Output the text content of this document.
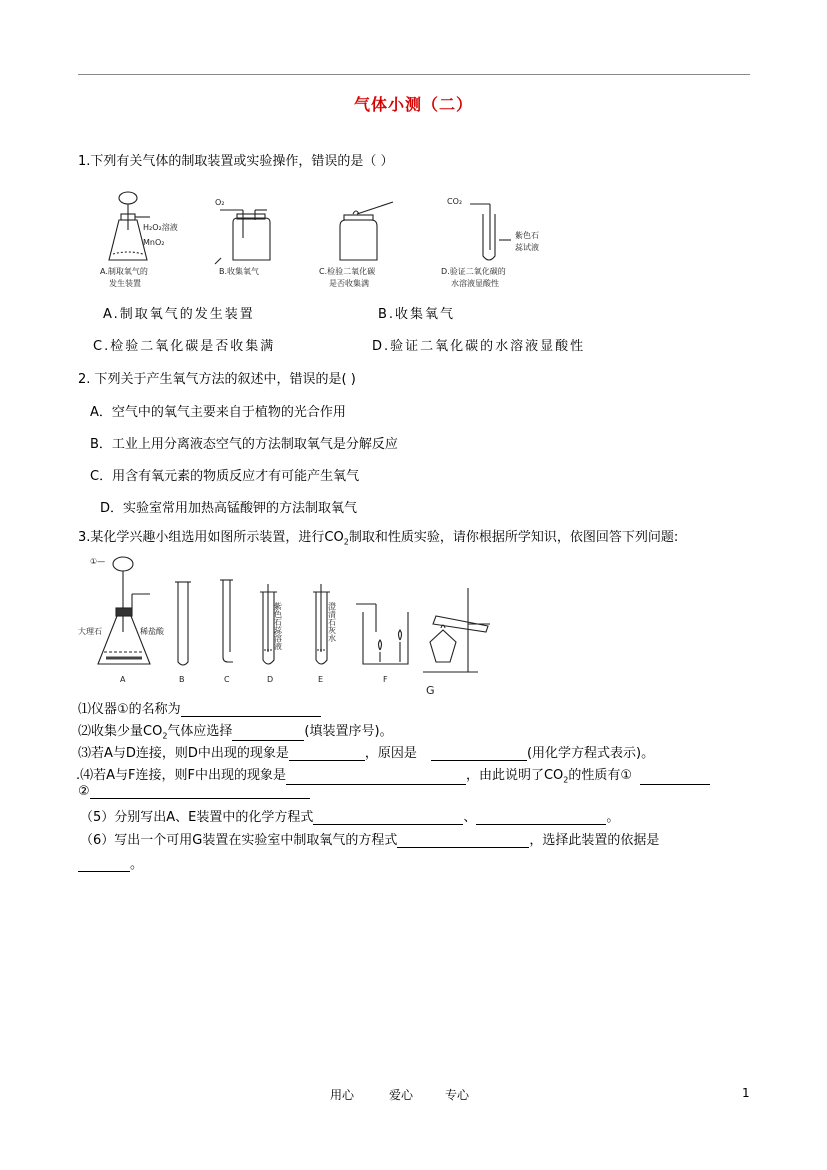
气体小测（二）
1.下列有关气体的制取装置或实验操作，错误的是（ ）
H₂O₂溶液
MnO₂
A.制取氧气的
发生装置
O₂
B.收集氧气	C.检验二氧化碳
是否收集满
CO₂
紫色石
蕊试液
D.验证二氧化碳的
水溶液显酸性
A.制取氧气的发生装置	B.收集氧气
C.检验二氧化碳是否收集满	D.验证二氧化碳的水溶液显酸性
2. 下列关于产生氧气方法的叙述中，错误的是( )
A．空气中的氧气主要来自于植物的光合作用
B．工业上用分离液态空气的方法制取氧气是分解反应
C．用含有氧元素的物质反应才有可能产生氧气
D．实验室常用加热高锰酸钾的方法制取氧气
3.某化学兴趣小组选用如图所示装置，进行$CO_2$制取和性质实验，请你根据所学知识，依图回答下列问题:
①—
大理石	稀盐酸	紫色石蕊溶液	澄清石灰水
A	B	C	D	E	F
G
⑴仪器①的名称为
⑵收集少量$CO_2$气体应选择	(填装置序号)。
⑶若A与D连接，则D中出现的现象是	，原因是	(用化学方程式表示)。
.⑷若A与F连接，则F中出现的现象是	，由此说明了$CO_2$的性质有①
②
（5）分别写出A、E装置中的化学方程式	、	。
（6）写出一个可用G装置在实验室中制取氧气的方程式	，选择此装置的依据是
。
用心	爱心	专心	1
